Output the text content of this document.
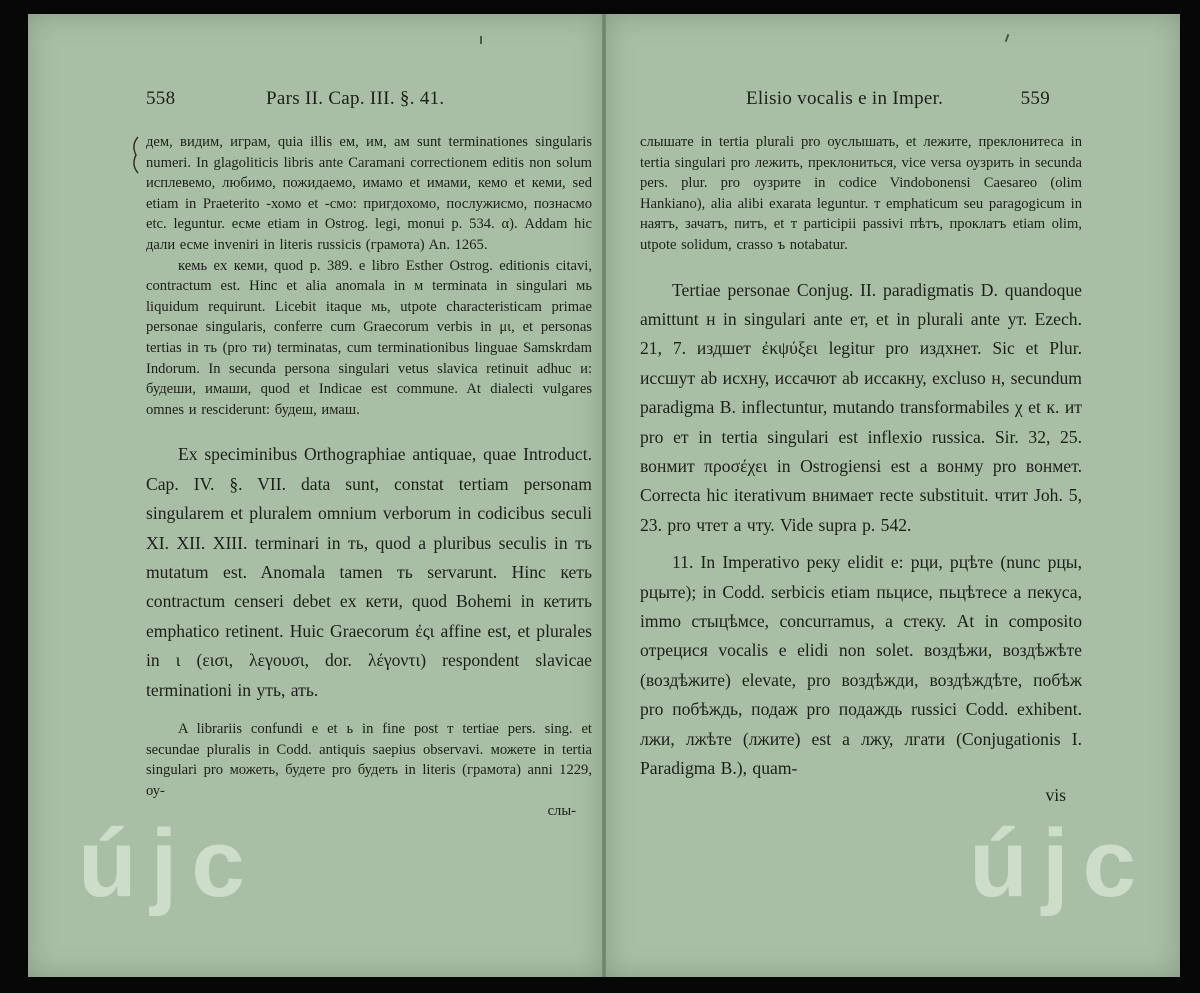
558	Pars II. Cap. III. §. 41.

дем, видим, играм, quia illis ем, им, ам sunt terminationes singularis numeri. In glagoliticis libris ante Caramani correctionem editis non solum исплевемо, любимо, пожидаемо, имамо et имами, кемо et кеми, sed etiam in Praeterito -хомо et -смо: пригдохомо, послужисмо, познасмо etc. leguntur. есме etiam in Ostrog. legi, monui p. 534. α). Addam hic дали есме inveniri in literis russicis (грамота) An. 1265.

кемь ex кеми, quod p. 389. e libro Esther Ostrog. editionis citavi, contractum est. Hinc et alia anomala in м terminata in singulari мь liquidum requirunt. Licebit itaque мь, utpote characteristicam primae personae singularis, conferre cum Graecorum verbis in μι, et personas tertias in ть (pro ти) terminatas, cum terminationibus linguae Samskrdam Indorum. In secunda persona singulari vetus slavica retinuit adhuc и: будеши, имаши, quod et Indicae est commune. At dialecti vulgares omnes и resciderunt: будеш, имаш.

Ex speciminibus Orthographiae antiquae, quae Introduct. Cap. IV. §. VII. data sunt, constat tertiam personam singularem et pluralem omnium verborum in codicibus seculi XI. XII. XIII. terminari in ть, quod a pluribus seculis in тъ mutatum est. Anomala tamen ть servarunt. Hinc кеть contractum censeri debet ex кети, quod Bohemi in кетить emphatico retinent. Huic Graecorum ἐςι affine est, et plurales in ι (εισι, λεγουσι, dor. λέγοντι) respondent slavicae terminationi in уть, ать.

A librariis confundi е et ь in fine post т tertiae pers. sing. et secundae pluralis in Codd. antiquis saepius observavi. можете in tertia singulari pro можеть, будете pro будеть in literis (грамота) anni 1229, оу-

слы-
újc
Elisio vocalis е in Imper.	559

слышате in tertia plurali pro оуслышать, et лежите, преклонитеса in tertia singulari pro лежить, преклониться, vice versa оузрить in secunda pers. plur. pro оузрите in codice Vindobonensi Caesareo (olim Hankiano), alia alibi exarata leguntur. т emphaticum seu paragogicum in наятъ, зачатъ, питъ, et т participii passivi пѣтъ, проклатъ etiam olim, utpote solidum, crasso ъ notabatur.

Tertiae personae Conjug. II. paradigmatis D. quandoque amittunt н in singulari ante ет, et in plurali ante ут. Ezech. 21, 7. издшет ἐκψύξει legitur pro издхнет. Sic et Plur. иссшут ab исхну, иссачют ab иссакну, excluso н, secundum paradigma B. inflectuntur, mutando transformabiles χ et к. ит pro ет in tertia singulari est inflexio russica. Sir. 32, 25. вонмит προσέχει in Ostrogiensi est a вонму pro вонмет. Correcta hic iterativum внимает recte substituit. чтит Joh. 5, 23. pro чтет a чту. Vide supra p. 542.

11. In Imperativo реку elidit е: рци, рцѣте (nunc рцы, рцыте); in Codd. serbicis etiam пьцисе, пьцѣтесе a пекуса, immo стыцѣмсе, concurramus, a стеку. At in composito отрецися vocalis е elidi non solet. воздѣжи, воздѣжѣте (воздѣжите) elevate, pro воздѣжди, воздѣждѣте, побѣж pro побѣждь, подаж pro подаждь russici Codd. exhibent. лжи, лжѣте (лжите) est a лжу, лгати (Conjugationis I. Paradigma B.), quam-

vis
újc
